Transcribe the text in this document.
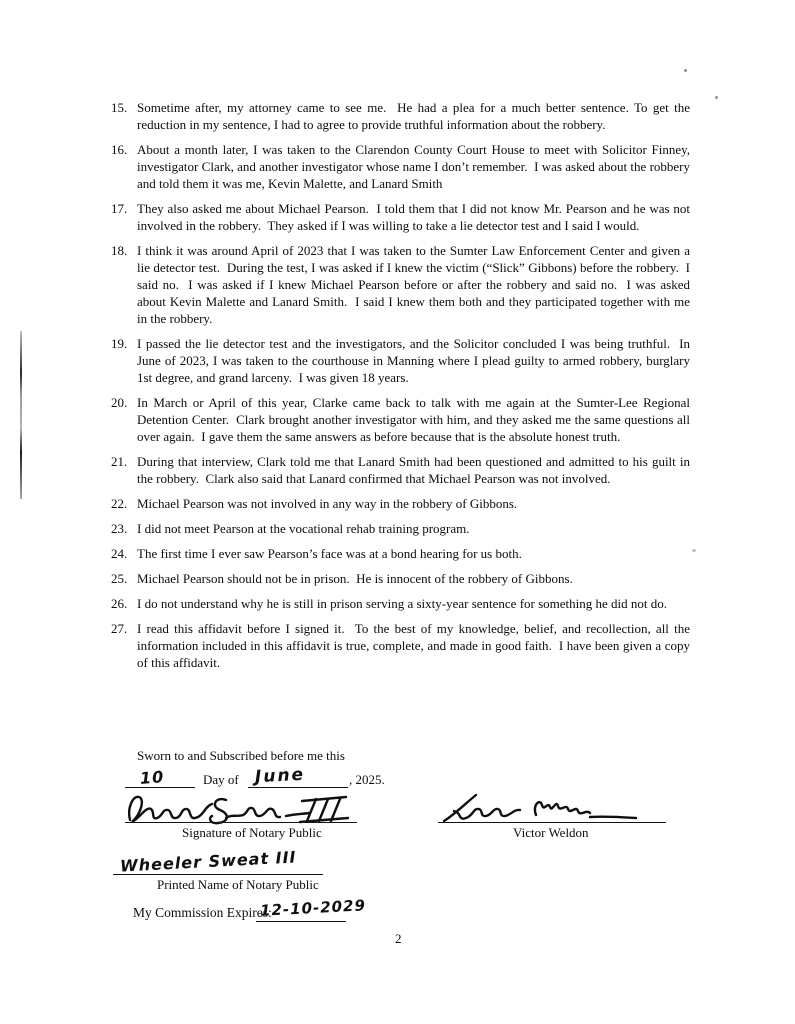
15. Sometime after, my attorney came to see me.  He had a plea for a much better sentence. To get the reduction in my sentence, I had to agree to provide truthful information about the robbery.
16. About a month later, I was taken to the Clarendon County Court House to meet with Solicitor Finney, investigator Clark, and another investigator whose name I don’t remember.  I was asked about the robbery and told them it was me, Kevin Malette, and Lanard Smith
17. They also asked me about Michael Pearson.  I told them that I did not know Mr. Pearson and he was not involved in the robbery.  They asked if I was willing to take a lie detector test and I said I would.
18. I think it was around April of 2023 that I was taken to the Sumter Law Enforcement Center and given a lie detector test.  During the test, I was asked if I knew the victim (“Slick” Gibbons) before the robbery.  I said no.  I was asked if I knew Michael Pearson before or after the robbery and said no.  I was asked about Kevin Malette and Lanard Smith.  I said I knew them both and they participated together with me in the robbery.
19. I passed the lie detector test and the investigators, and the Solicitor concluded I was being truthful.  In June of 2023, I was taken to the courthouse in Manning where I plead guilty to armed robbery, burglary 1st degree, and grand larceny.  I was given 18 years.
20. In March or April of this year, Clarke came back to talk with me again at the Sumter-Lee Regional Detention Center.  Clark brought another investigator with him, and they asked me the same questions all over again.  I gave them the same answers as before because that is the absolute honest truth.
21. During that interview, Clark told me that Lanard Smith had been questioned and admitted to his guilt in the robbery.  Clark also said that Lanard confirmed that Michael Pearson was not involved.
22. Michael Pearson was not involved in any way in the robbery of Gibbons.
23. I did not meet Pearson at the vocational rehab training program.
24. The first time I ever saw Pearson’s face was at a bond hearing for us both.
25. Michael Pearson should not be in prison.  He is innocent of the robbery of Gibbons.
26. I do not understand why he is still in prison serving a sixty-year sentence for something he did not do.
27. I read this affidavit before I signed it.  To the best of my knowledge, belief, and recollection, all the information included in this affidavit is true, complete, and made in good faith.  I have been given a copy of this affidavit.
Sworn to and Subscribed before me this
10	Day of June	, 2025.
Signature of Notary Public	Victor Weldon
Wheeler Sweat III
Printed Name of Notary Public
My Commission Expires:
12-10-2029
2
